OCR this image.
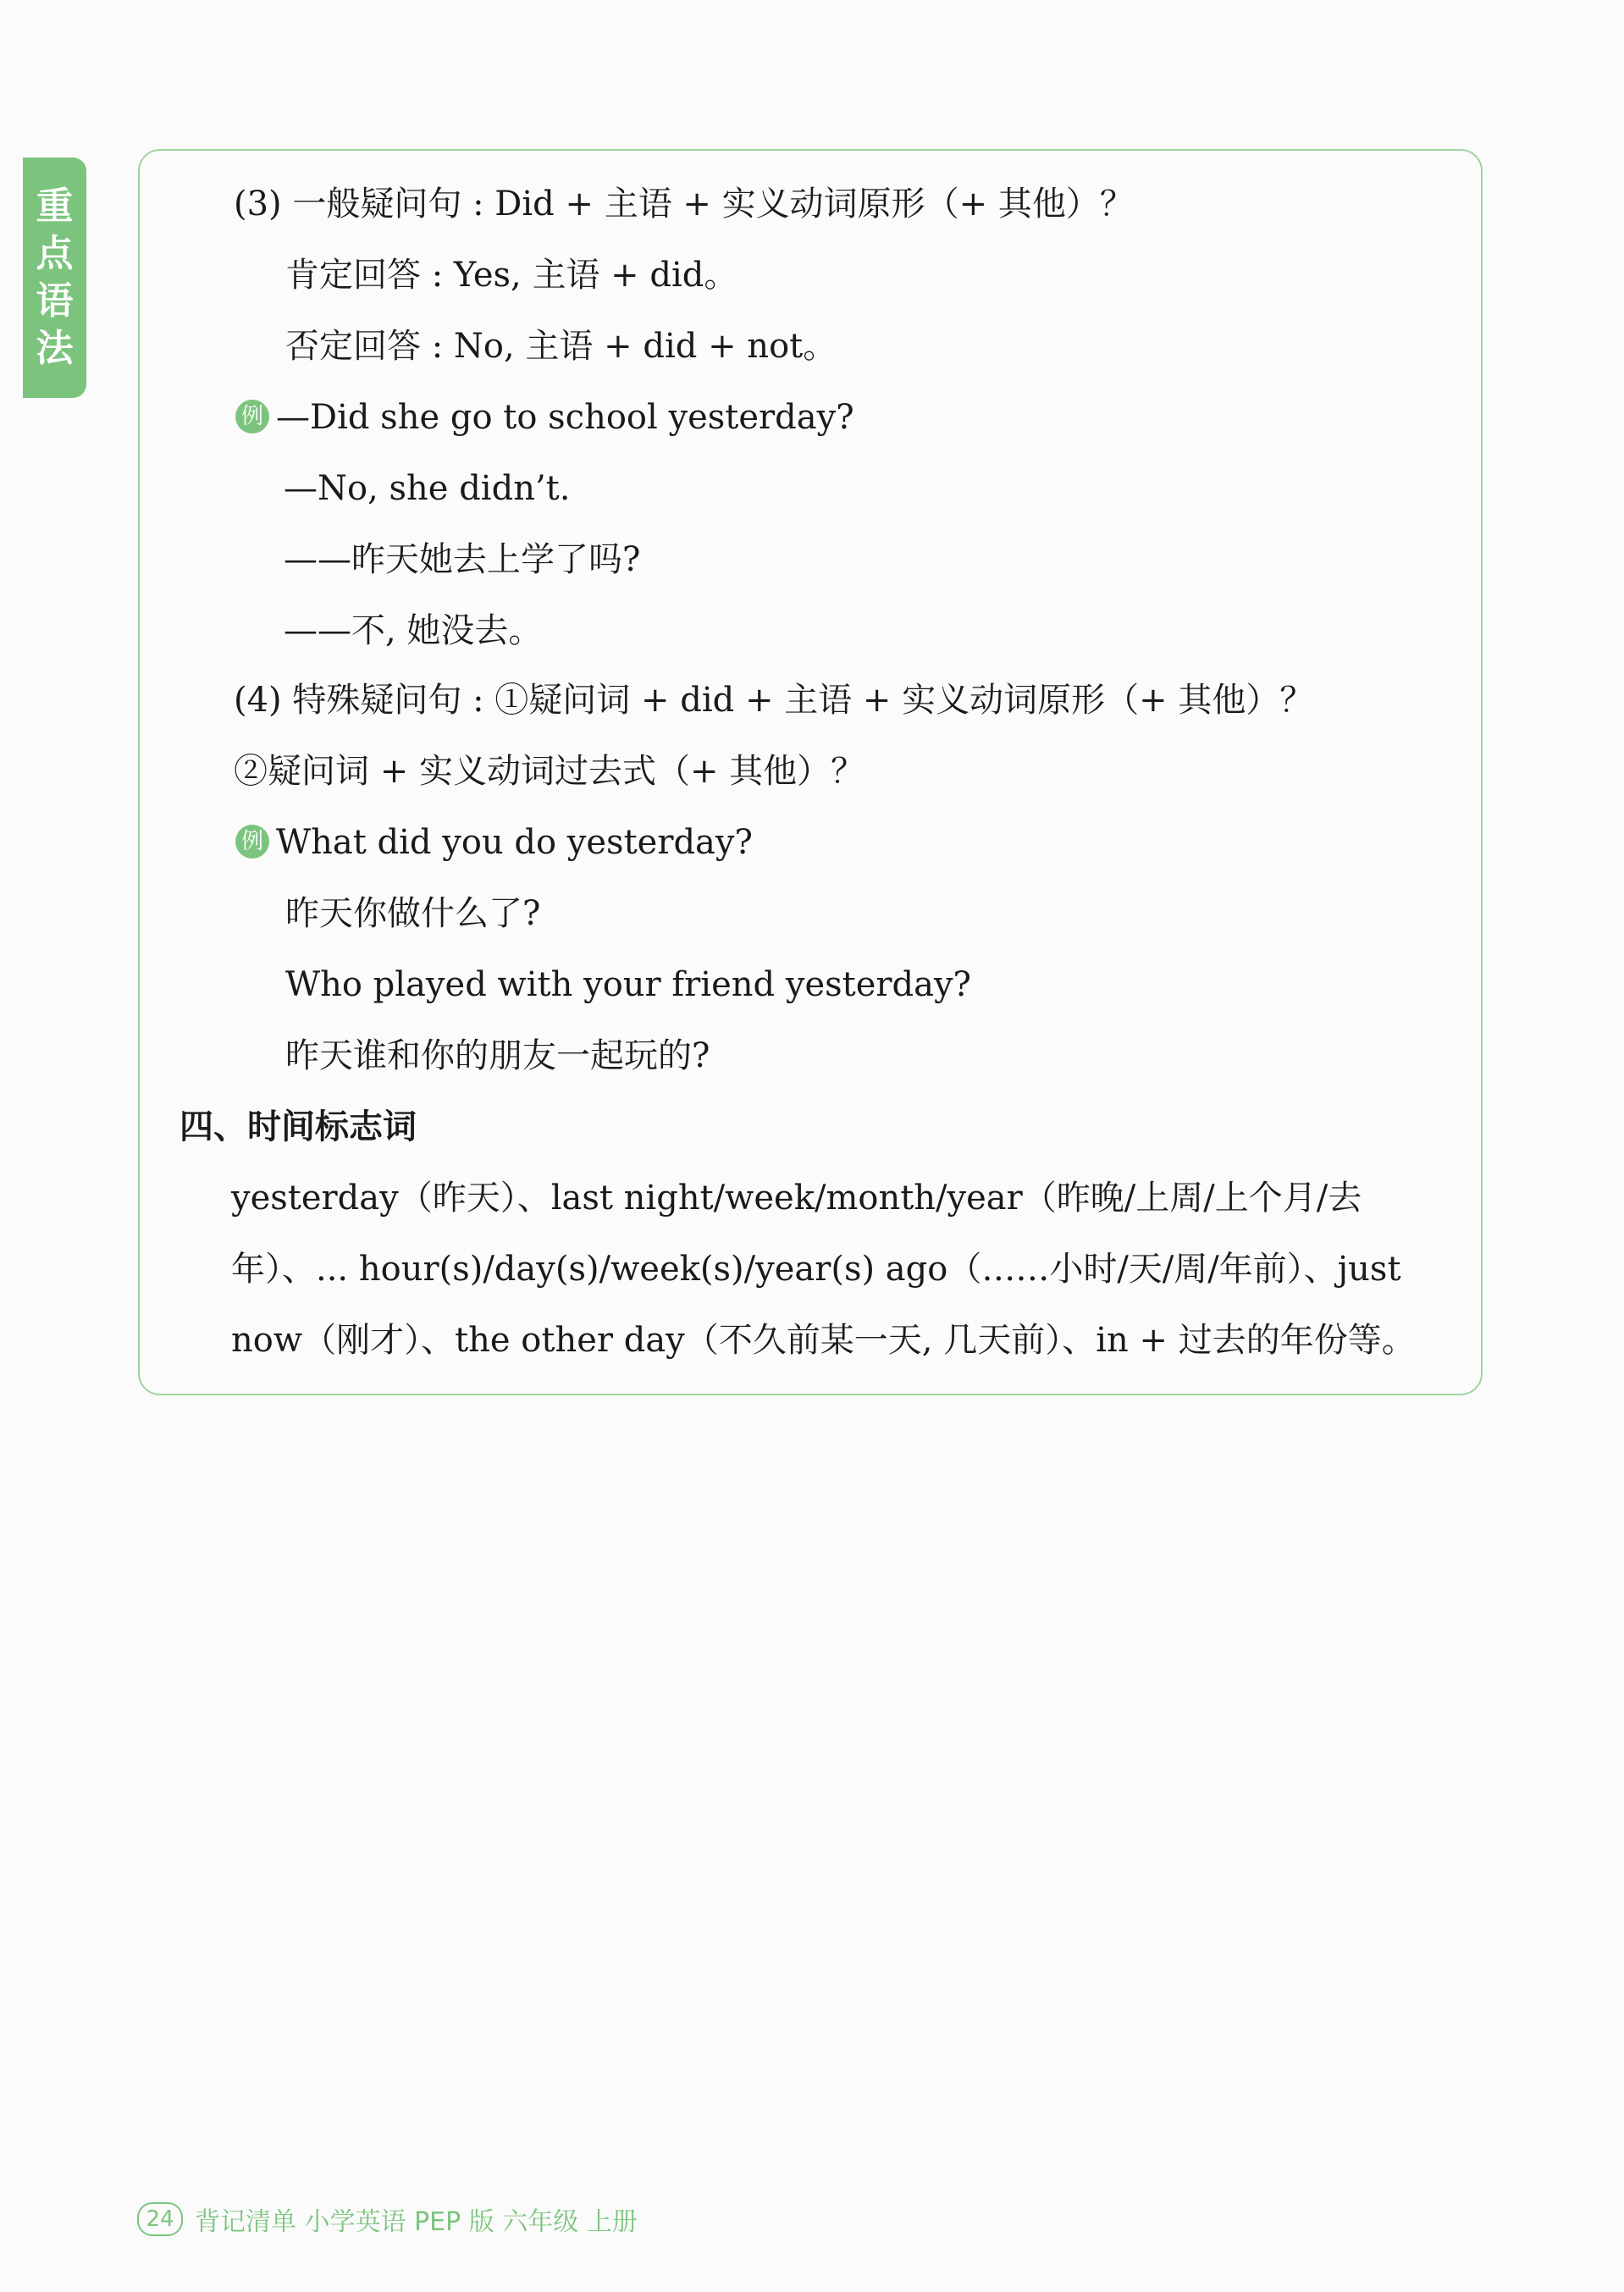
重
点
语
法
(3) 一般疑问句 : Did + 主语 + 实义动词原形（+ 其他）？
肯定回答 : Yes, 主语 + did。
否定回答 : No, 主语 + did + not。
例 —Did she go to school yesterday?
—No, she didn’t.
——昨天她去上学了吗?
——不, 她没去。
(4) 特殊疑问句 : ①疑问词 + did + 主语 + 实义动词原形（+ 其他）？
②疑问词 + 实义动词过去式（+ 其他）？
例 What did you do yesterday?
昨天你做什么了?
Who played with your friend yesterday?
昨天谁和你的朋友一起玩的?
四、时间标志词
yesterday（昨天）、last night/week/month/year（昨晚/上周/上个月/去
年）、... hour(s)/day(s)/week(s)/year(s) ago（……小时/天/周/年前）、just
now（刚才）、the other day（不久前某一天, 几天前）、in + 过去的年份等。
24 背记清单 小学英语 PEP 版 六年级 上册
